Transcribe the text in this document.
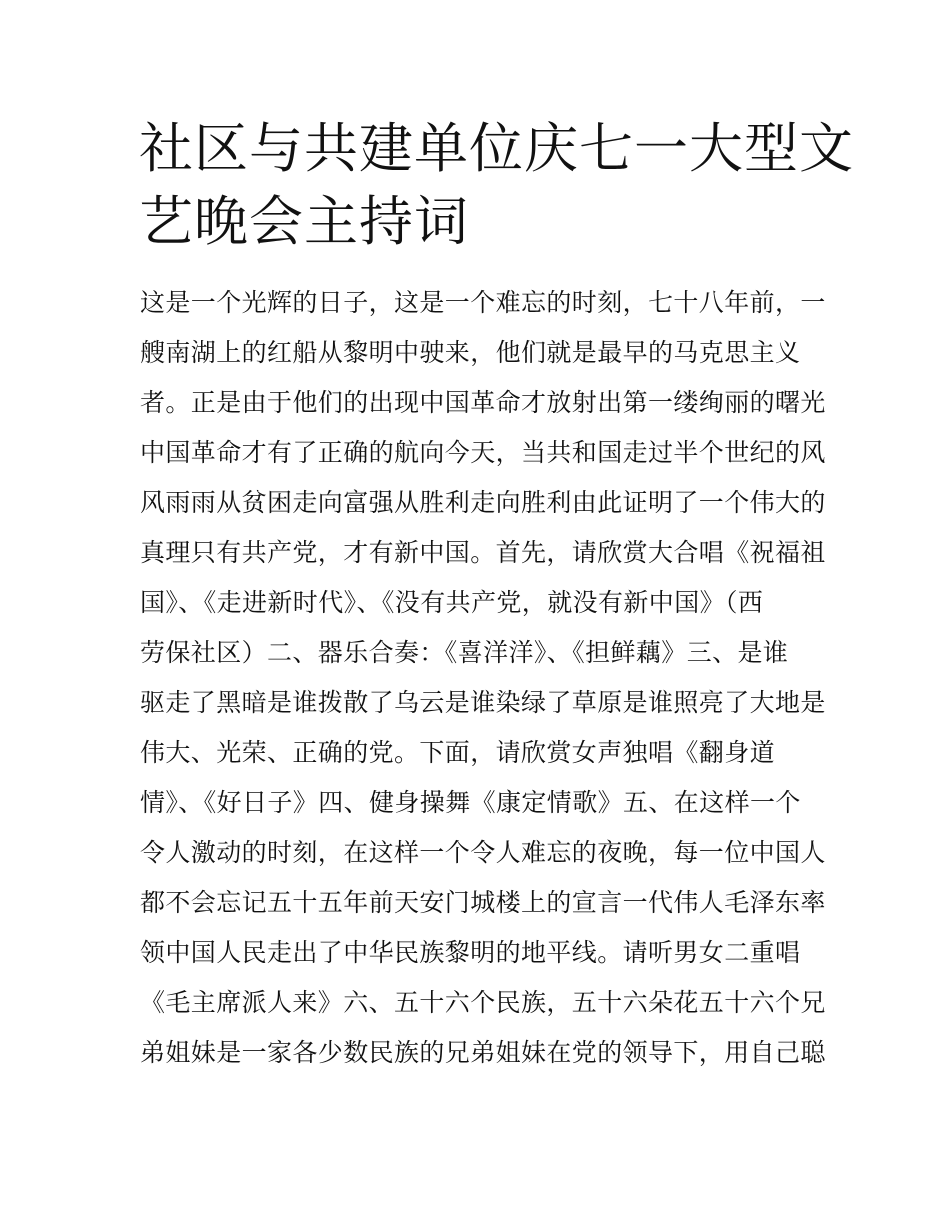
社区与共建单位庆七一大型文
艺晚会主持词
这是一个光辉的日子，这是一个难忘的时刻，七十八年前，一
艘南湖上的红船从黎明中驶来，他们就是最早的马克思主义
者。正是由于他们的出现中国革命才放射出第一缕绚丽的曙光
中国革命才有了正确的航向今天，当共和国走过半个世纪的风
风雨雨从贫困走向富强从胜利走向胜利由此证明了一个伟大的
真理只有共产党，才有新中国。首先，请欣赏大合唱《祝福祖
国》、《走进新时代》、《没有共产党，就没有新中国》（西
劳保社区）二、器乐合奏：《喜洋洋》、《担鲜藕》三、是谁
驱走了黑暗是谁拨散了乌云是谁染绿了草原是谁照亮了大地是
伟大、光荣、正确的党。下面，请欣赏女声独唱《翻身道
情》、《好日子》四、健身操舞《康定情歌》五、在这样一个
令人激动的时刻，在这样一个令人难忘的夜晚，每一位中国人
都不会忘记五十五年前天安门城楼上的宣言一代伟人毛泽东率
领中国人民走出了中华民族黎明的地平线。请听男女二重唱
《毛主席派人来》六、五十六个民族，五十六朵花五十六个兄
弟姐妹是一家各少数民族的兄弟姐妹在党的领导下，用自己聪
